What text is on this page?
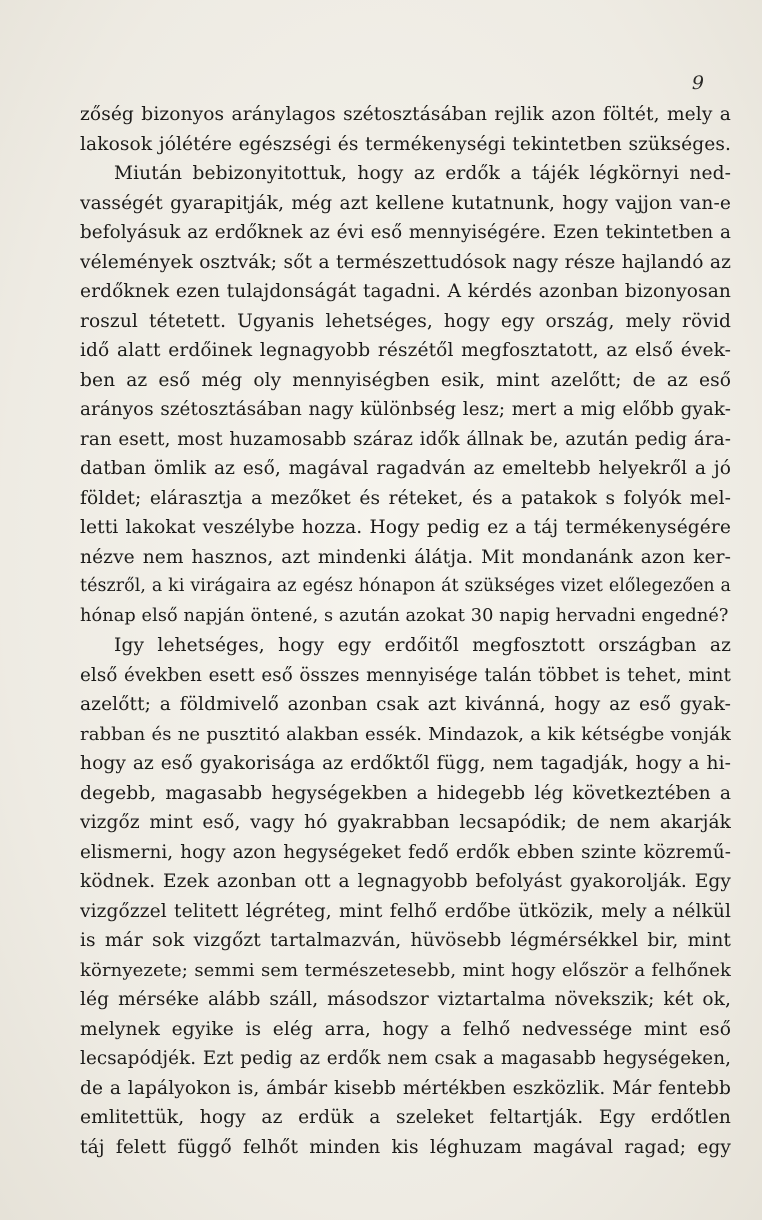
9
zőség bizonyos aránylagos szétosztásában rejlik azon föltét, mely a
lakosok jólétére egészségi és termékenységi tekintetben szükséges.
Miután bebizonyitottuk, hogy az erdők a tájék légkörnyi ned-
vasségét gyarapitják, még azt kellene kutatnunk, hogy vajjon van-e
befolyásuk az erdőknek az évi eső mennyiségére. Ezen tekintetben a
vélemények osztvák; sőt a természettudósok nagy része hajlandó az
erdőknek ezen tulajdonságát tagadni. A kérdés azonban bizonyosan
roszul tétetett. Ugyanis lehetséges, hogy egy ország, mely rövid
idő alatt erdőinek legnagyobb részétől megfosztatott, az első évek-
ben az eső még oly mennyiségben esik, mint azelőtt; de az eső
arányos szétosztásában nagy különbség lesz; mert a mig előbb gyak-
ran esett, most huzamosabb száraz idők állnak be, azután pedig ára-
datban ömlik az eső, magával ragadván az emeltebb helyekről a jó
földet; elárasztja a mezőket és réteket, és a patakok s folyók mel-
letti lakokat veszélybe hozza. Hogy pedig ez a táj termékenységére
nézve nem hasznos, azt mindenki álátja. Mit mondanánk azon ker-
tészről, a ki virágaira az egész hónapon át szükséges vizet előlegezően a
hónap első napján öntené, s azután azokat 30 napig hervadni engedné?
Igy lehetséges, hogy egy erdőitől megfosztott országban az
első években esett eső összes mennyisége talán többet is tehet, mint
azelőtt; a földmivelő azonban csak azt kivánná, hogy az eső gyak-
rabban és ne pusztitó alakban essék. Mindazok, a kik kétségbe vonják
hogy az eső gyakorisága az erdőktől függ, nem tagadják, hogy a hi-
degebb, magasabb hegységekben a hidegebb lég következtében a
vizgőz mint eső, vagy hó gyakrabban lecsapódik; de nem akarják
elismerni, hogy azon hegységeket fedő erdők ebben szinte közremű-
ködnek. Ezek azonban ott a legnagyobb befolyást gyakorolják. Egy
vizgőzzel telitett légréteg, mint felhő erdőbe ütközik, mely a nélkül
is már sok vizgőzt tartalmazván, hüvösebb légmérsékkel bir, mint
környezete; semmi sem természetesebb, mint hogy először a felhőnek
lég mérséke alább száll, másodszor viztartalma növekszik; két ok,
melynek egyike is elég arra, hogy a felhő nedvessége mint eső
lecsapódjék. Ezt pedig az erdők nem csak a magasabb hegységeken,
de a lapályokon is, ámbár kisebb mértékben eszközlik. Már fentebb
emlitettük, hogy az erdük a szeleket feltartják. Egy erdőtlen
táj felett függő felhőt minden kis léghuzam magával ragad; egy
